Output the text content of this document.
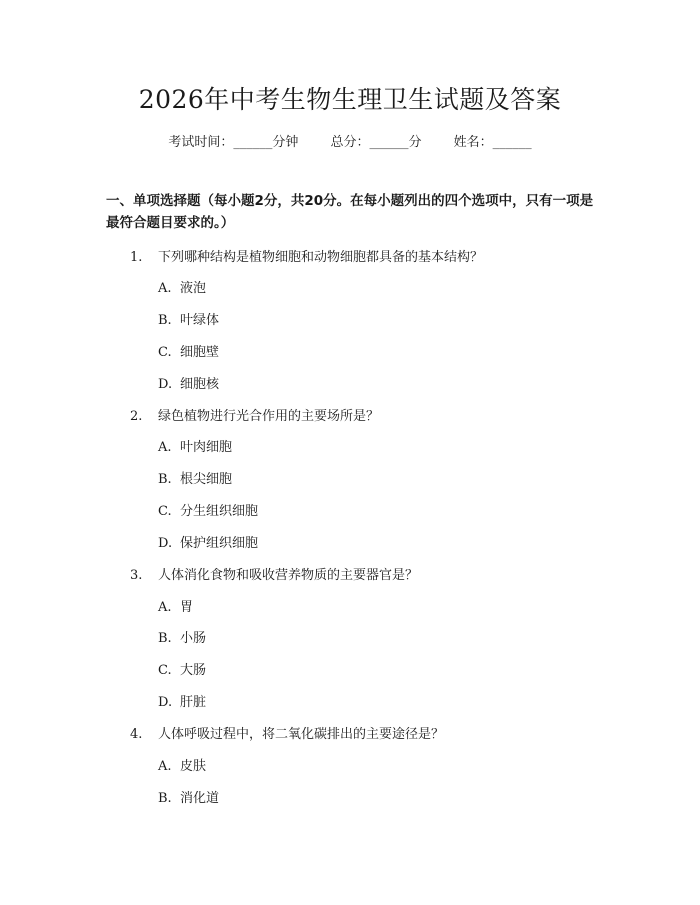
2026年中考生物生理卫生试题及答案
考试时间：______分钟 总分：______分 姓名：______
一、单项选择题（每小题2分，共20分。在每小题列出的四个选项中，只有一项是最符合题目要求的。）
1. 下列哪种结构是植物细胞和动物细胞都具备的基本结构？
A. 液泡
B. 叶绿体
C. 细胞壁
D. 细胞核
2. 绿色植物进行光合作用的主要场所是？
A. 叶肉细胞
B. 根尖细胞
C. 分生组织细胞
D. 保护组织细胞
3. 人体消化食物和吸收营养物质的主要器官是？
A. 胃
B. 小肠
C. 大肠
D. 肝脏
4. 人体呼吸过程中，将二氧化碳排出的主要途径是？
A. 皮肤
B. 消化道
